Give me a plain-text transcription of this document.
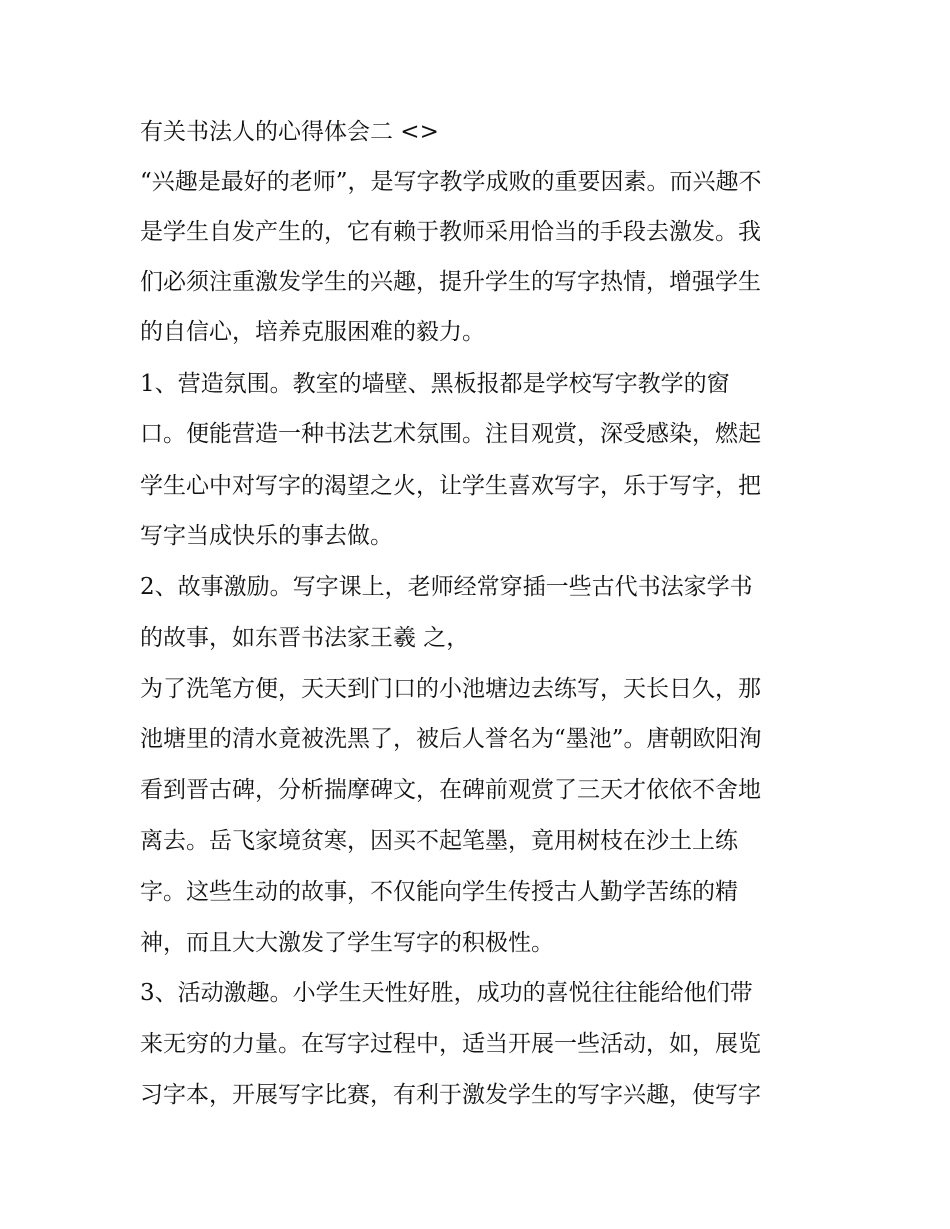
有关书法人的心得体会二 <>
“兴趣是最好的老师”，是写字教学成败的重要因素。而兴趣不
是学生自发产生的，它有赖于教师采用恰当的手段去激发。我
们必须注重激发学生的兴趣，提升学生的写字热情，增强学生
的自信心，培养克服困难的毅力。
1、营造氛围。教室的墙壁、黑板报都是学校写字教学的窗
口。便能营造一种书法艺术氛围。注目观赏，深受感染，燃起
学生心中对写字的渴望之火，让学生喜欢写字，乐于写字，把
写字当成快乐的事去做。
2、故事激励。写字课上，老师经常穿插一些古代书法家学书
的故事，如东晋书法家王羲 之，
为了洗笔方便，天天到门口的小池塘边去练写，天长日久，那
池塘里的清水竟被洗黑了，被后人誉名为“墨池”。唐朝欧阳洵
看到晋古碑，分析揣摩碑文，在碑前观赏了三天才依依不舍地
离去。岳飞家境贫寒，因买不起笔墨，竟用树枝在沙土上练
字。这些生动的故事，不仅能向学生传授古人勤学苦练的精
神，而且大大激发了学生写字的积极性。
3、活动激趣。小学生天性好胜，成功的喜悦往往能给他们带
来无穷的力量。在写字过程中，适当开展一些活动，如，展览
习字本，开展写字比赛，有利于激发学生的写字兴趣，使写字
